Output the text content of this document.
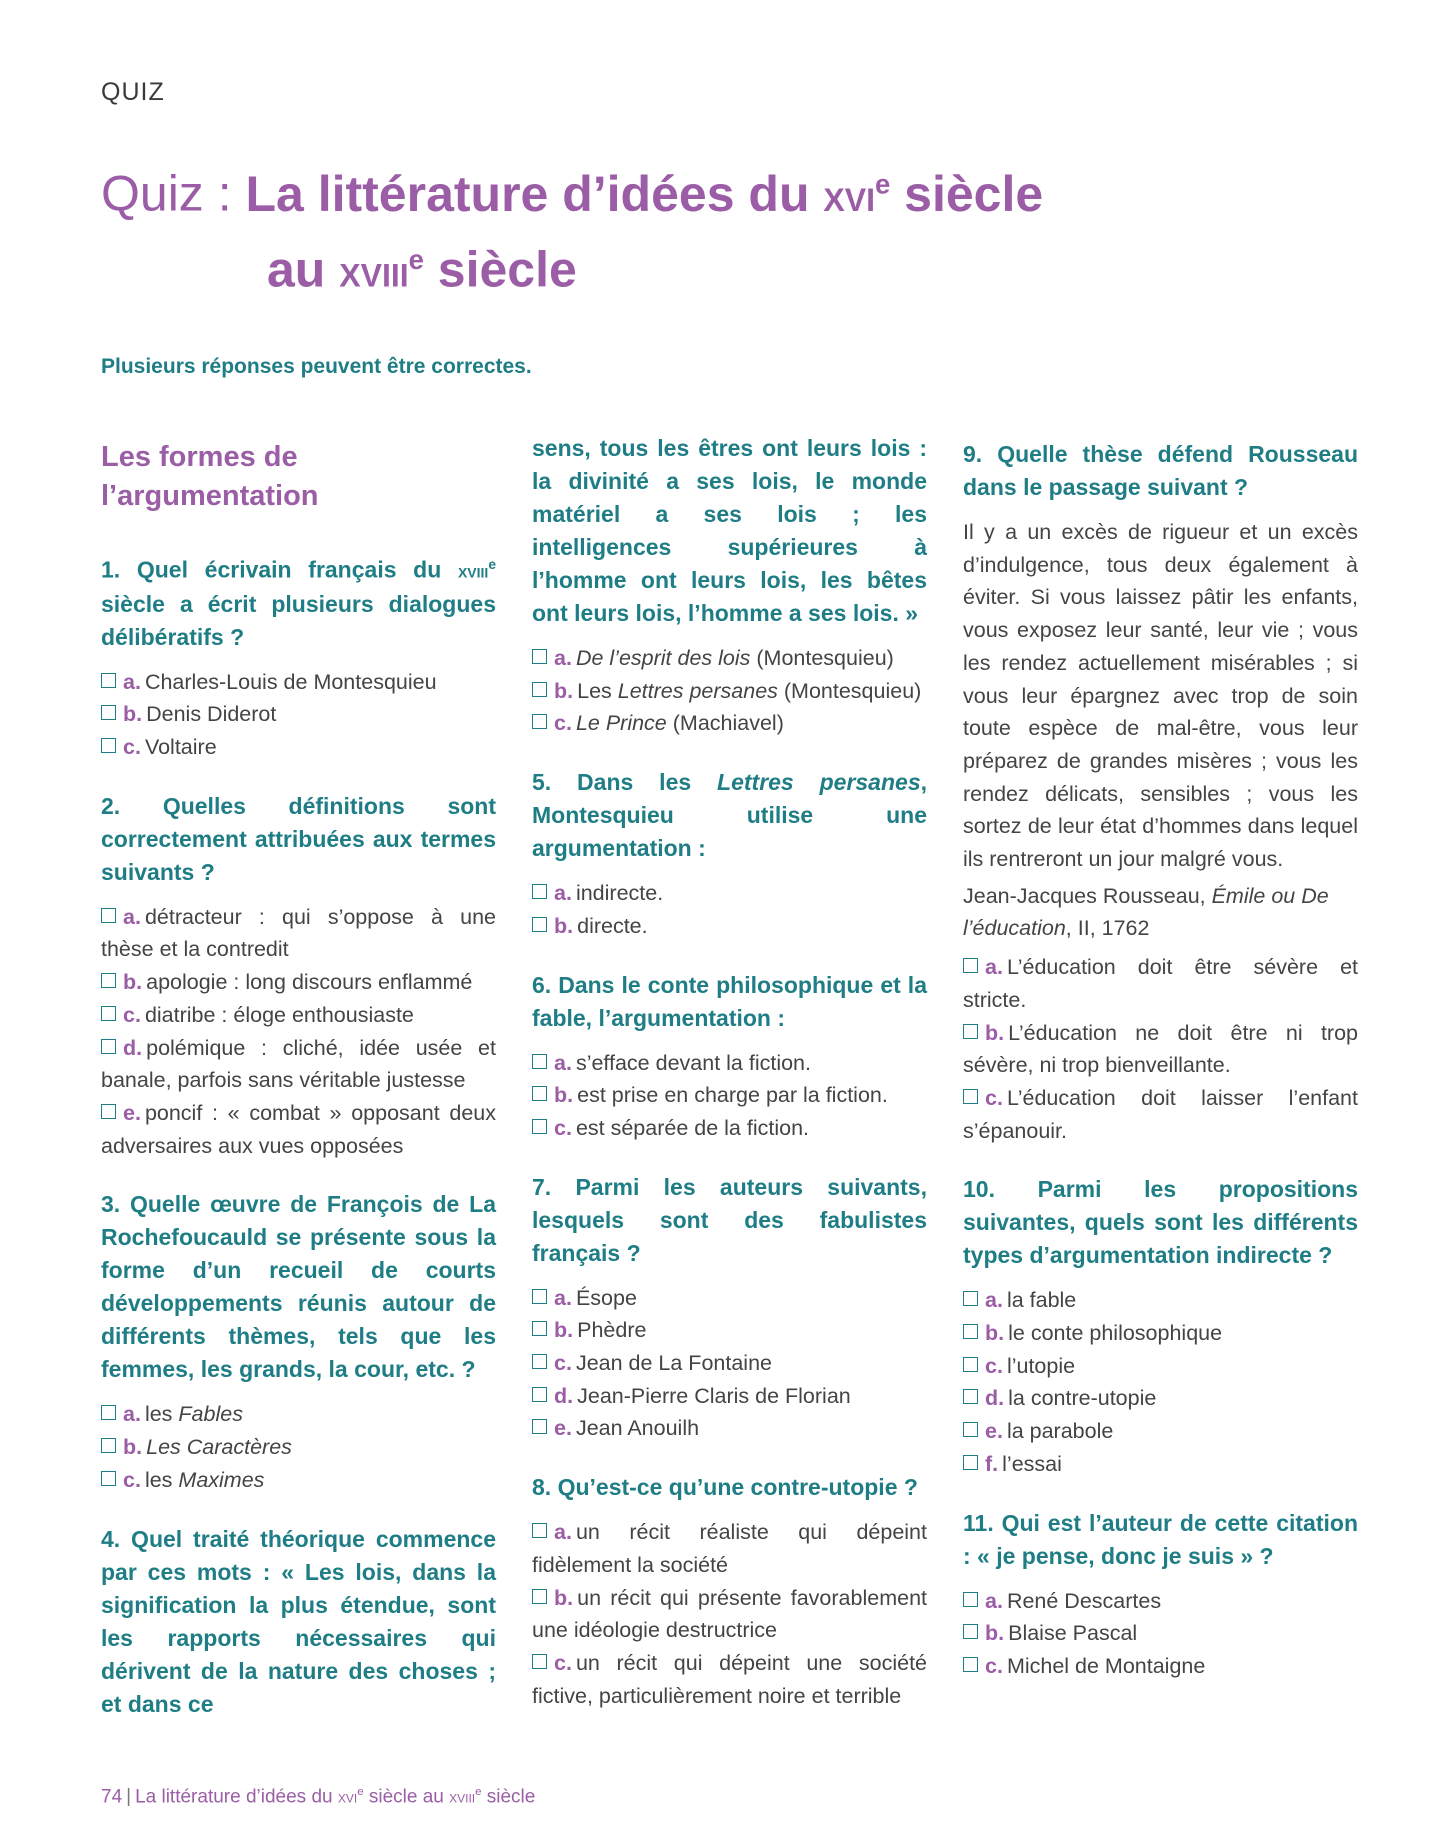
QUIZ
Quiz : La littérature d’idées du xvi$^e$ siècle
au xviii$^e$ siècle
Plusieurs réponses peuvent être correctes.
Les formes de l’argumentation

1. Quel écrivain français du xviii$^e$ siècle a écrit plusieurs dialogues délibératifs ?

a. Charles-Louis de Montesquieu
b. Denis Diderot
c. Voltaire

2. Quelles définitions sont correctement attribuées aux termes suivants ?

a. détracteur : qui s’oppose à une thèse et la contredit
b. apologie : long discours enflammé
c. diatribe : éloge enthousiaste
d. polémique : cliché, idée usée et banale, parfois sans véritable justesse
e. poncif : « combat » opposant deux adversaires aux vues opposées

3. Quelle œuvre de François de La Rochefoucauld se présente sous la forme d’un recueil de courts développements réunis autour de différents thèmes, tels que les femmes, les grands, la cour, etc. ?

a. les Fables
b. Les Caractères
c. les Maximes

4. Quel traité théorique commence par ces mots : « Les lois, dans la signification la plus étendue, sont les rapports nécessaires qui dérivent de la nature des choses ; et dans ce

sens, tous les êtres ont leurs lois : la divinité a ses lois, le monde matériel a ses lois ; les intelligences supérieures à l’homme ont leurs lois, les bêtes ont leurs lois, l’homme a ses lois. »

a. De l’esprit des lois (Montesquieu)
b. Les Lettres persanes (Montesquieu)
c. Le Prince (Machiavel)

5. Dans les Lettres persanes, Montesquieu utilise une argumentation :

a. indirecte.
b. directe.

6. Dans le conte philosophique et la fable, l’argumentation :

a. s’efface devant la fiction.
b. est prise en charge par la fiction.
c. est séparée de la fiction.

7. Parmi les auteurs suivants, lesquels sont des fabulistes français ?

a. Ésope
b. Phèdre
c. Jean de La Fontaine
d. Jean-Pierre Claris de Florian
e. Jean Anouilh

8. Qu’est-ce qu’une contre-utopie ?

a. un récit réaliste qui dépeint fidèlement la société
b. un récit qui présente favorablement une idéologie destructrice
c. un récit qui dépeint une société fictive, particulièrement noire et terrible

9. Quelle thèse défend Rousseau dans le passage suivant ?

Il y a un excès de rigueur et un excès d’indulgence, tous deux également à éviter. Si vous laissez pâtir les enfants, vous exposez leur santé, leur vie ; vous les rendez actuellement misérables ; si vous leur épargnez avec trop de soin toute espèce de mal-être, vous leur préparez de grandes misères ; vous les rendez délicats, sensibles ; vous les sortez de leur état d’hommes dans lequel ils rentreront un jour malgré vous.

Jean-Jacques Rousseau, Émile ou De l’éducation, II, 1762
a. L’éducation doit être sévère et stricte.
b. L’éducation ne doit être ni trop sévère, ni trop bienveillante.
c. L’éducation doit laisser l’enfant s’épanouir.

10. Parmi les propositions suivantes, quels sont les différents types d’argumentation indirecte ?

a. la fable
b. le conte philosophique
c. l’utopie
d. la contre-utopie
e. la parabole
f. l’essai

11. Qui est l’auteur de cette citation : « je pense, donc je suis » ?

a. René Descartes
b. Blaise Pascal
c. Michel de Montaigne
74 | La littérature d’idées du xvi$^e$ siècle au xviii$^e$ siècle
